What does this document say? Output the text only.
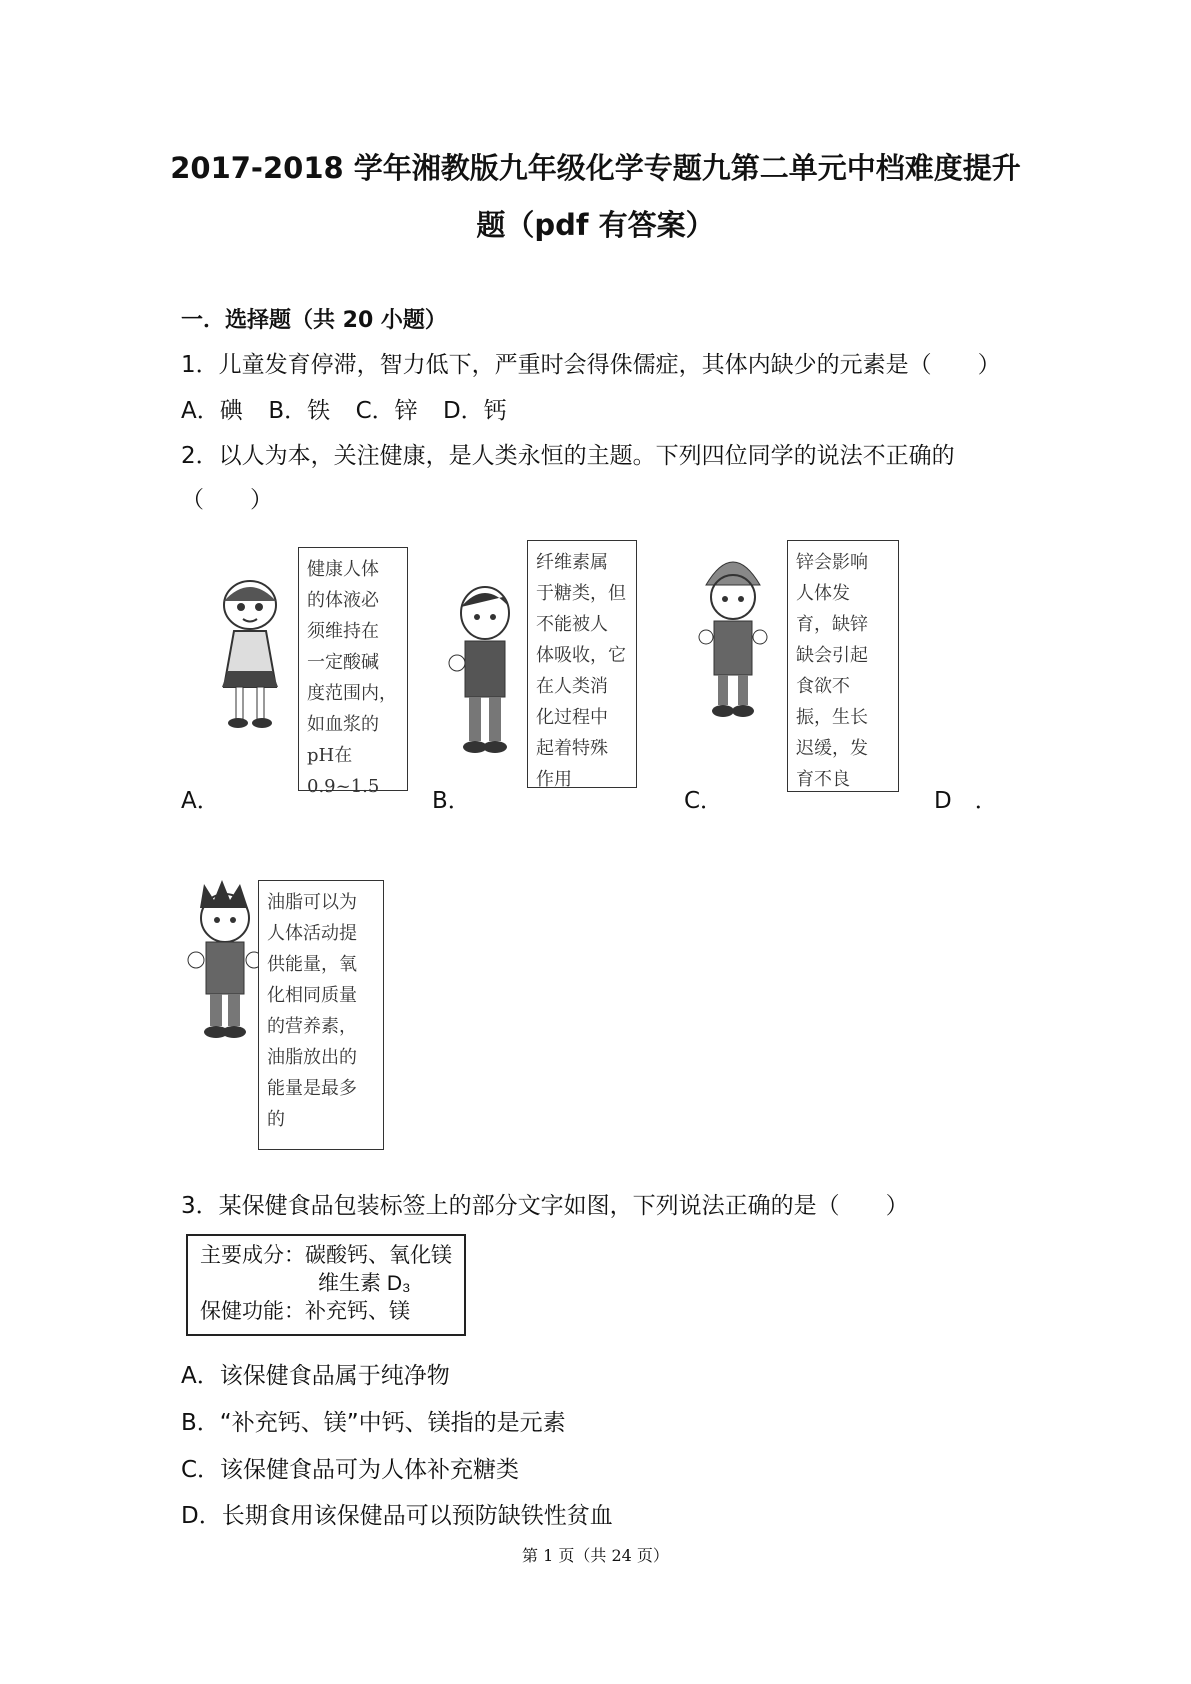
2017-2018 学年湘教版九年级化学专题九第二单元中档难度提升
题（pdf 有答案）
一．选择题（共 20 小题）
1．儿童发育停滞，智力低下，严重时会得侏儒症，其体内缺少的元素是（　　）
A．碘 B．铁 C．锌 D．钙
2．以人为本，关注健康，是人类永恒的主题。下列四位同学的说法不正确的
（　　）
健康人体
的体液必
须维持在
一定酸碱
度范围内，
如血浆的
pH在0.9~1.5
A．
纤维素属
于糖类，但
不能被人
体吸收，它
在人类消
化过程中
起着特殊
作用
B．
锌会影响
人体发
育，缺锌
缺会引起
食欲不
振，生长
迟缓，发
育不良
C．	D　．
油脂可以为
人体活动提
供能量，氧
化相同质量
的营养素，
油脂放出的
能量是最多
的
3．某保健食品包装标签上的部分文字如图，下列说法正确的是（　　）
主要成分：碳酸钙、氧化镁
维生素 D₃
保健功能：补充钙、镁
A．该保健食品属于纯净物
B．“补充钙、镁”中钙、镁指的是元素
C．该保健食品可为人体补充糖类
D．长期食用该保健品可以预防缺铁性贫血
第 1 页（共 24 页）
